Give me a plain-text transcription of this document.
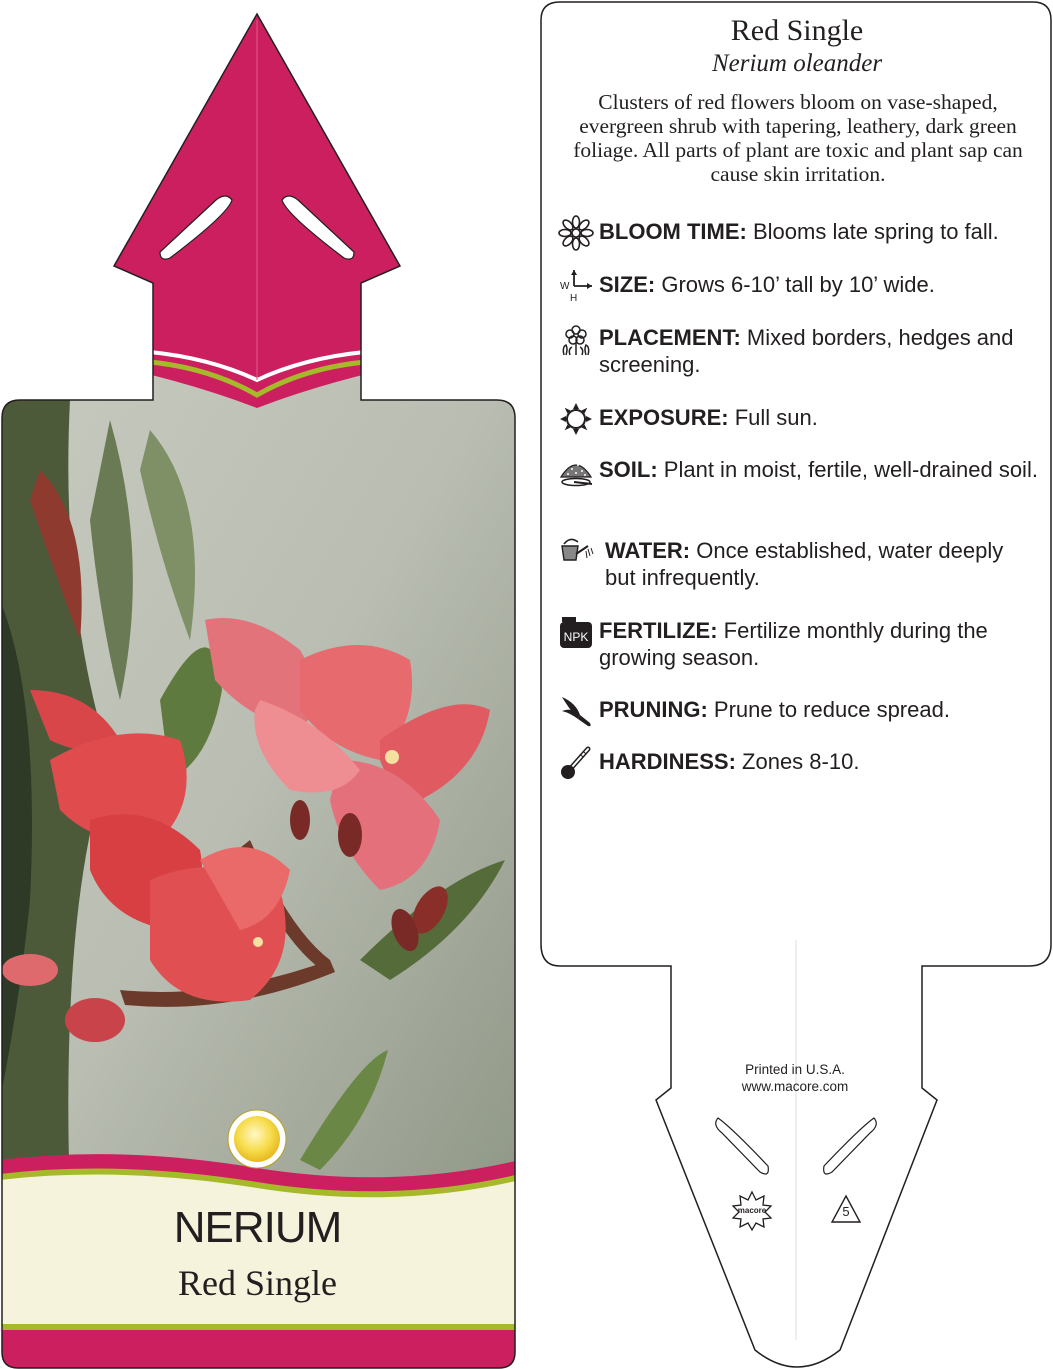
NERIUM
Red Single
Red Single
Nerium oleander
Clusters of red flowers bloom on vase-shaped, evergreen shrub with tapering, leathery, dark green foliage. All parts of plant are toxic and plant sap can cause skin irritation.
BLOOM TIME: Blooms late spring to fall.
W
H
SIZE: Grows 6-10’ tall by 10’ wide.
PLACEMENT: Mixed borders, hedges and screening.
EXPOSURE: Full sun.
SOIL: Plant in moist, fertile, well-drained soil.
WATER: Once established, water deeply but infrequently.
NPK FERTILIZE: Fertilize monthly during the growing season.
PRUNING: Prune to reduce spread.
HARDINESS: Zones 8-10.
Printed in U.S.A.
www.macore.com
macore	5
